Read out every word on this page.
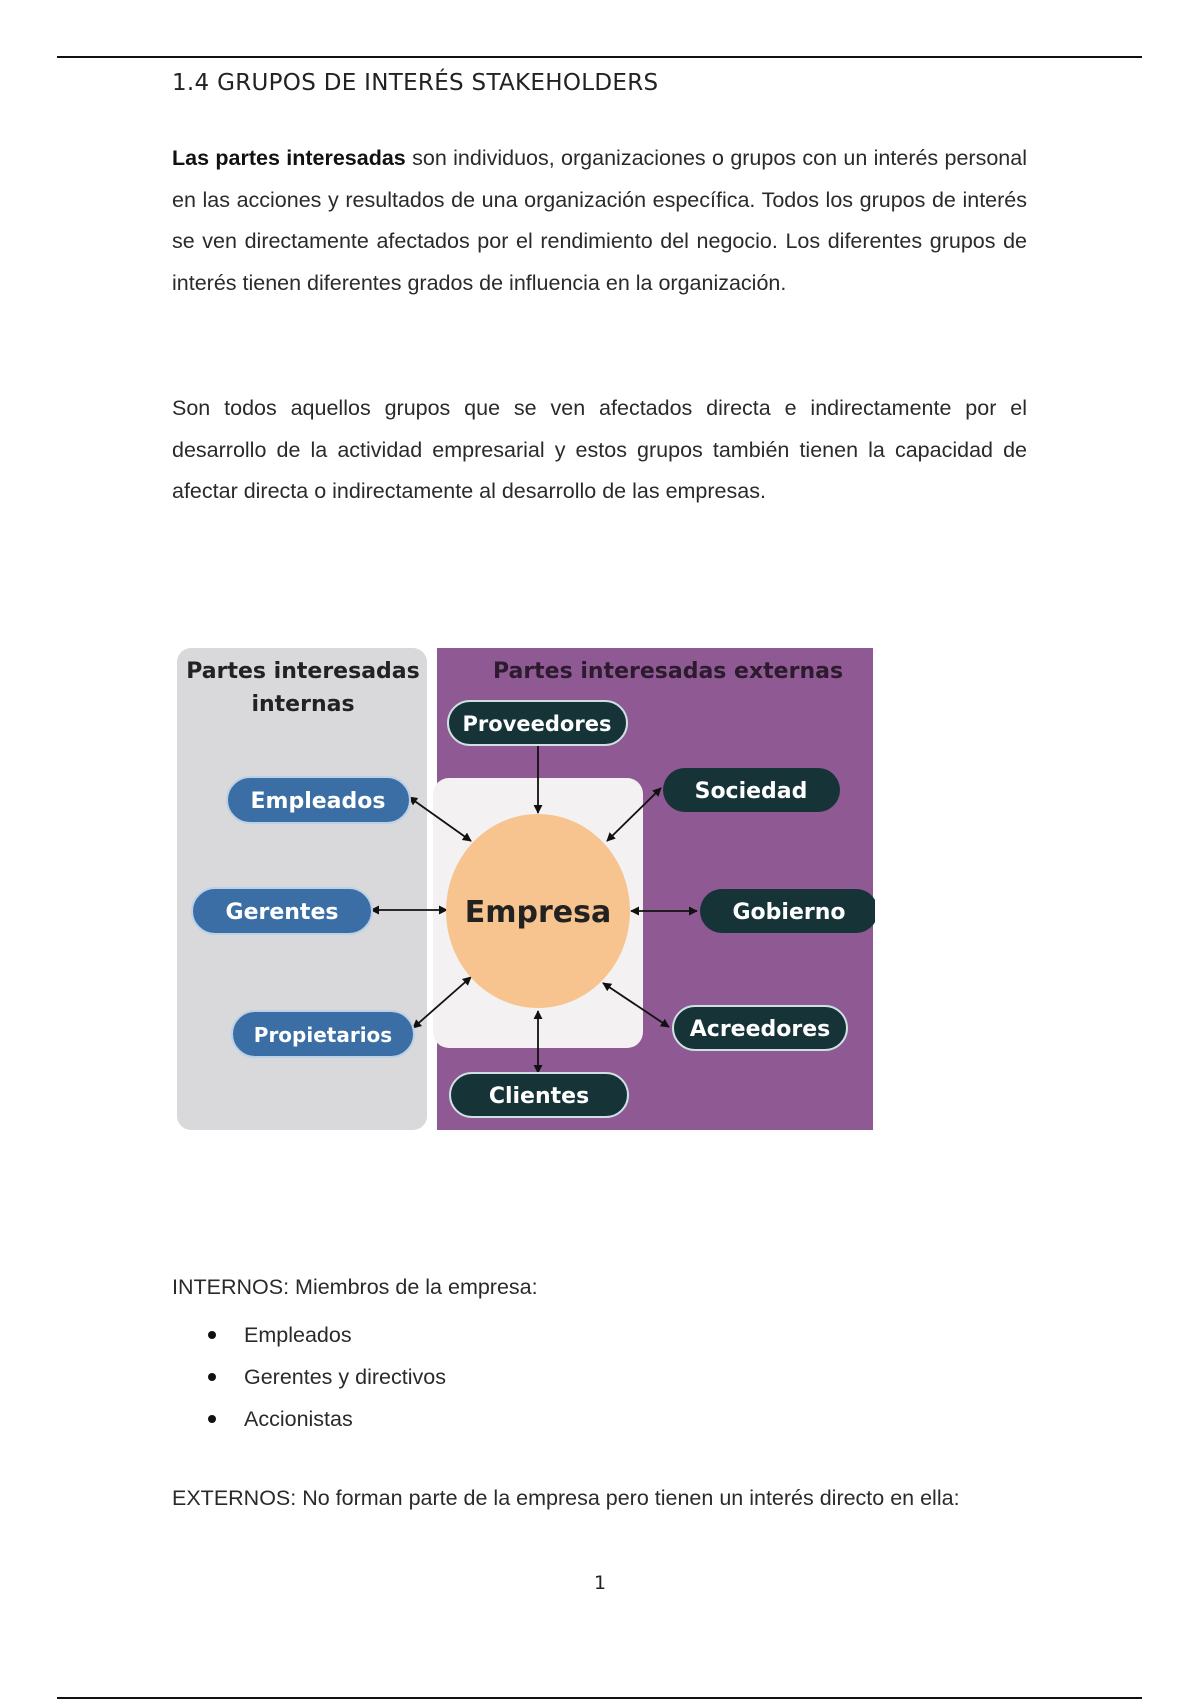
1.4 GRUPOS DE INTERÉS STAKEHOLDERS

Las partes interesadas son individuos, organizaciones o grupos con un interés personal en las acciones y resultados de una organización específica. Todos los grupos de interés se ven directamente afectados por el rendimiento del negocio. Los diferentes grupos de interés tienen diferentes grados de influencia en la organización.

Son todos aquellos grupos que se ven afectados directa e indirectamente por el desarrollo de la actividad empresarial y estos grupos también tienen la capacidad de afectar directa o indirectamente al desarrollo de las empresas.

Partes interesadas
internas
Partes interesadas externas
Empresa
Empleados
Gerentes
Propietarios
Proveedores
Sociedad
Gobierno
Acreedores
Clientes
INTERNOS: Miembros de la empresa:
Empleados
Gerentes y directivos
Accionistas

EXTERNOS: No forman parte de la empresa pero tienen un interés directo en ella:

1
